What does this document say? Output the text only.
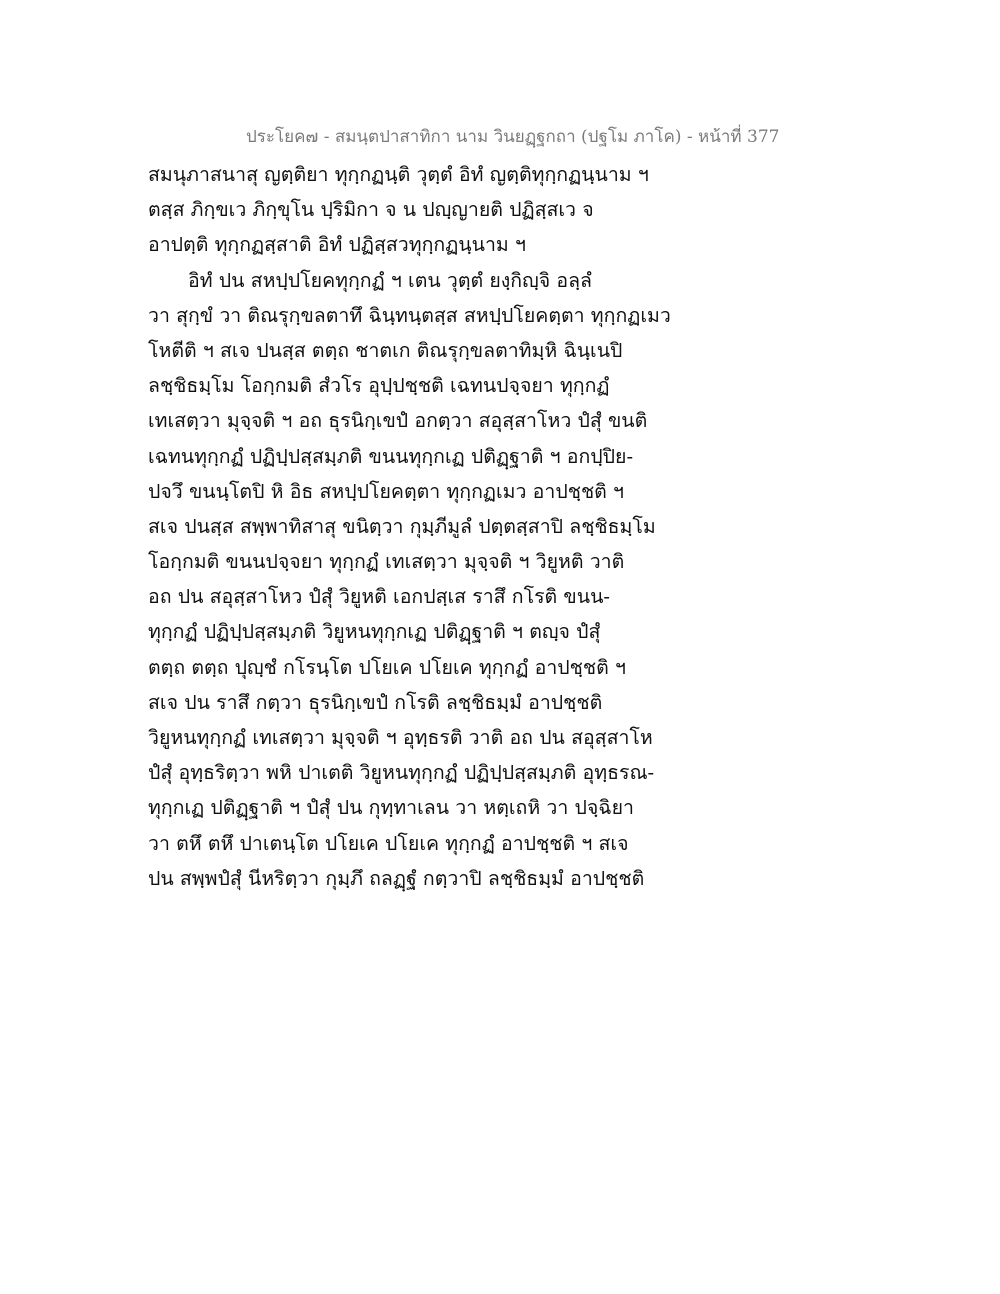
ประโยค๗ - สมนฺตปาสาทิกา นาม วินยฏฺฐกถา (ปฐโม ภาโค) - หน้าที่ 377
สมนุภาสนาสุ ญตฺติยา ทุกฺกฏนฺติ วุตฺตํ อิทํ ญตฺติทุกฺกฏนฺนาม ฯ
ตสฺส ภิกฺขเว ภิกฺขุโน ปฺริมิกา จ น ปญฺญายติ ปฏิสฺสเว จ
อาปตฺติ ทุกฺกฏสฺสาติ อิทํ ปฏิสฺสวทุกฺกฏนฺนาม ฯ
อิทํ ปน สหปฺปโยคทุกฺกฏํ ฯ เตน วุตฺตํ ยงฺกิญฺจิ อลฺลํ
วา สุกฺขํ วา ติณรุกฺขลตาทึ ฉินฺทนฺตสฺส สหปฺปโยคตฺตา ทุกฺกฏเมว
โหตีติ ฯ สเจ ปนสฺส ตตฺถ ชาตเก ติณรุกฺขลตาทิมฺหิ ฉินฺเนปิ
ลชฺชิธมฺโม โอกฺกมติ สํวโร อุปฺปชฺชติ เฉทนปจฺจยา ทุกฺกฏํ
เทเสตฺวา มุจฺจติ ฯ อถ ธุรนิกฺเขปํ อกตฺวา สอุสฺสาโหว ปํสุํ ขนติ
เฉทนทุกฺกฏํ ปฏิปฺปสฺสมฺภติ ขนนทุกฺกเฏ ปติฏฺฐาติ ฯ อกปฺปิย-
ปจวึ ขนนฺโตปิ หิ อิธ สหปฺปโยคตฺตา ทุกฺกฏเมว อาปชฺชติ ฯ
สเจ ปนสฺส สพฺพาทิสาสุ ขนิตฺวา กุมฺภีมูลํ ปตฺตสฺสาปิ ลชฺชิธมฺโม
โอกฺกมติ ขนนปจฺจยา ทุกฺกฏํ เทเสตฺวา มุจฺจติ ฯ วิยูหติ วาติ
อถ ปน สอุสฺสาโหว ปํสุํ วิยูหติ เอกปสฺเส ราสึ กโรติ ขนน-
ทุกฺกฏํ ปฏิปฺปสฺสมฺภติ วิยูหนทุกฺกเฏ ปติฏฺฐาติ ฯ ตญฺจ ปํสุํ
ตตฺถ ตตฺถ ปุญฺชํ กโรนฺโต ปโยเค ปโยเค ทุกฺกฏํ อาปชฺชติ ฯ
สเจ ปน ราสึ กตฺวา ธุรนิกฺเขปํ กโรติ ลชฺชิธมฺมํ อาปชฺชติ
วิยูหนทุกฺกฏํ เทเสตฺวา มุจฺจติ ฯ อุทฺธรติ วาติ อถ ปน สอุสฺสาโห
ปํสุํ อุทฺธริตฺวา พหิ ปาเตติ วิยูหนทุกฺกฏํ ปฏิปฺปสฺสมฺภติ อุทฺธรณ-
ทุกฺกเฏ ปติฏฺฐาติ ฯ ปํสุํ ปน กุทฺทาเลน วา หตฺเถหิ วา ปจฺฉิยา
วา ตหึ ตหึ ปาเตนฺโต ปโยเค ปโยเค ทุกฺกฏํ อาปชฺชติ ฯ สเจ
ปน สพฺพปํสุํ นีหริตฺวา กุมฺภึ ถลฏฺฐํ กตฺวาปิ ลชฺชิธมฺมํ อาปชฺชติ
